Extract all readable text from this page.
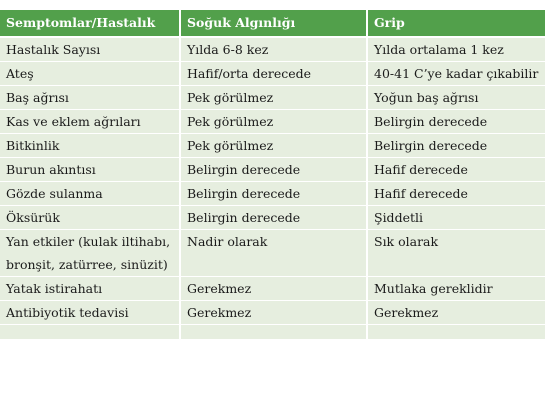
Semptomlar/Hastalık	Soğuk Algınlığı	Grip
Hastalık Sayısı	Yılda 6-8 kez	Yılda ortalama 1 kez
Ateş	Hafif/orta derecede	40-41 C’ye kadar çıkabilir
Baş ağrısı	Pek görülmez	Yoğun baş ağrısı
Kas ve eklem ağrıları	Pek görülmez	Belirgin derecede
Bitkinlik	Pek görülmez	Belirgin derecede
Burun akıntısı	Belirgin derecede	Hafif derecede
Gözde sulanma	Belirgin derecede	Hafif derecede
Öksürük	Belirgin derecede	Şiddetli
Yan etkiler (kulak iltihabı, bronşit, zatürree, sinüzit)	Nadir olarak	Sık olarak
Yatak istirahatı	Gerekmez	Mutlaka gereklidir
Antibiyotik tedavisi	Gerekmez	Gerekmez
